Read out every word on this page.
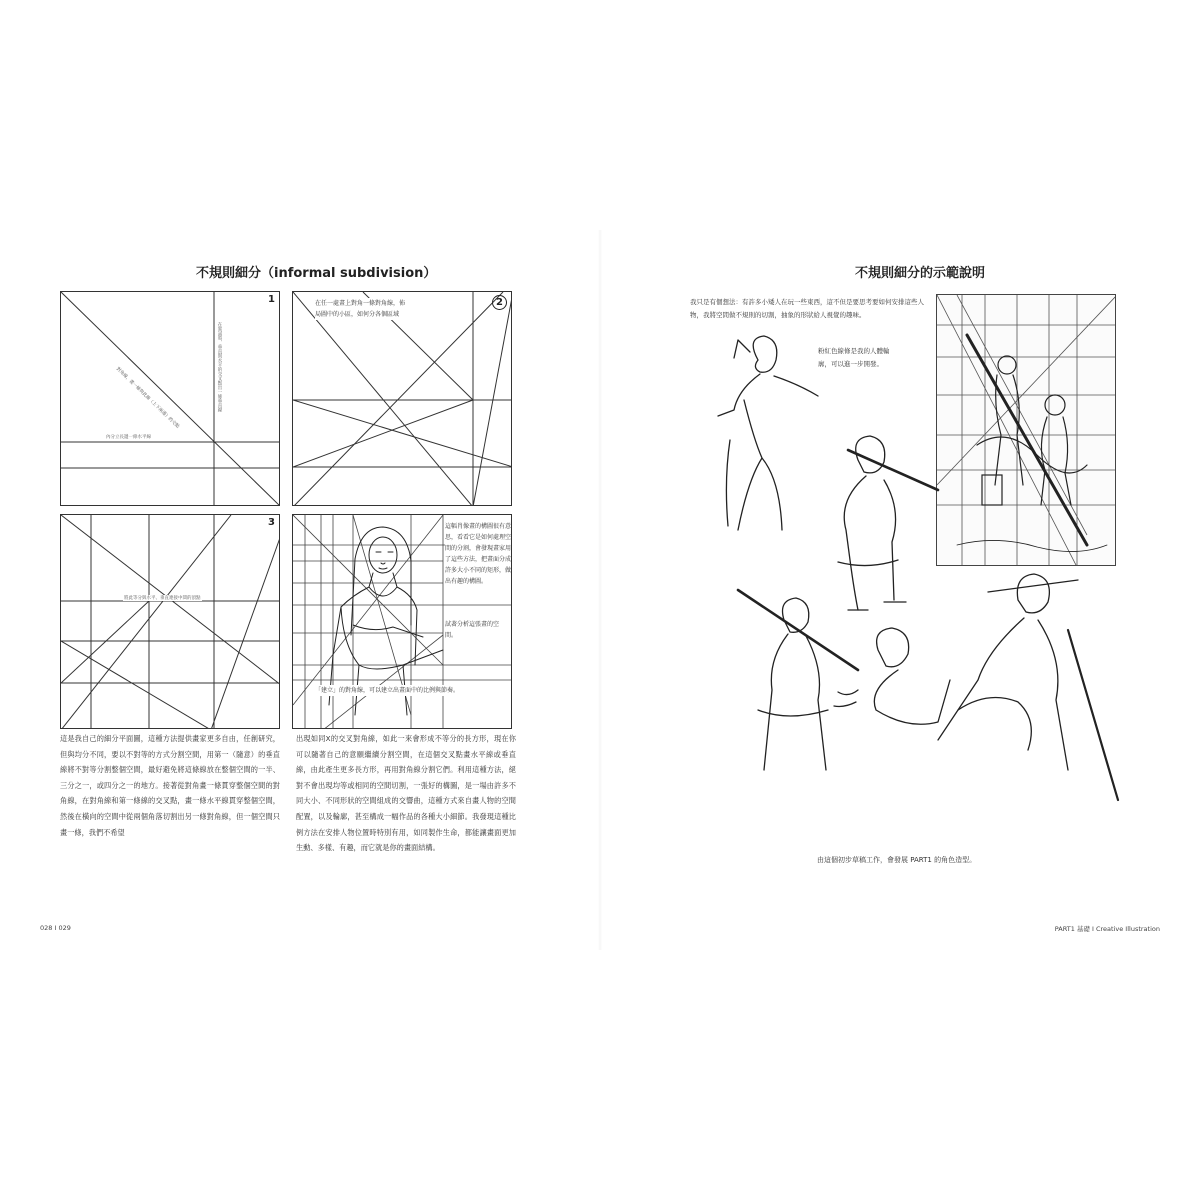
不規則細分（informal subdivision）
1
對角線，畫一條與此線（上下兩邊）的交點	在嘗試將，垂直與水平的交叉點出一條垂直線
內分立長邊一條水平線
2
在任一處畫上對角一條對角線，佈局圖中的小區，如何分各個區域
3
將此等分與水平、垂直連接中間的頂點
這幅肖像畫的構圖很有意思，看看它是如何處理空間的分割，會發現畫家用了這些方法，把畫面分成許多大小不同的矩形，做出有趣的構圖。
試著分析這張畫的空間。
「建立」的對角線，可以建立出畫面中的比例與節奏。
這是我自己的細分平面圖，這種方法提供畫家更多自由，任創研究，但與均分不同，要以不對等的方式分割空間，用第一（隨意）的垂直線將不對等分割整個空間，最好避免將這條線放在整個空間的一半、三分之一，或四分之一的地方。接著從對角畫一條貫穿整個空間的對角線，在對角線和第一條線的交叉點，畫一條水平線貫穿整個空間，然後在橫向的空間中從兩個角落切割出另一條對角線，但一個空間只畫一條，我們不希望
出現如同X的交叉對角線，如此一來會形成不等分的長方形，現在你可以隨著自己的意願繼續分割空間，在這個交叉點畫水平線或垂直線，由此產生更多長方形，再用對角線分割它們。利用這種方法，絕對不會出現均等或相同的空間切割，一張好的構圖，是一場由許多不同大小、不同形狀的空間組成的交響曲，這種方式來自畫人物的空間配置，以及輪廓，甚至構成一幅作品的各種大小細節。我發現這種比例方法在安排人物位置時特別有用，如同製作生命，都能讓畫面更加生動、多樣、有趣，而它就是你的畫面結構。
028 I 029
不規則細分的示範說明
我只是有個想法：有許多小矮人在玩一些東西，這不但是要思考要如何安排這些人物，我將空間做不規則的切割，抽象的形狀給人視覺的趣味。
粉紅色線條是我的人體輪廓，可以進一步開發。
由這個初步草稿工作，會發展 PART1 的角色造型。
PART1 基礎 I Creative Illustration
